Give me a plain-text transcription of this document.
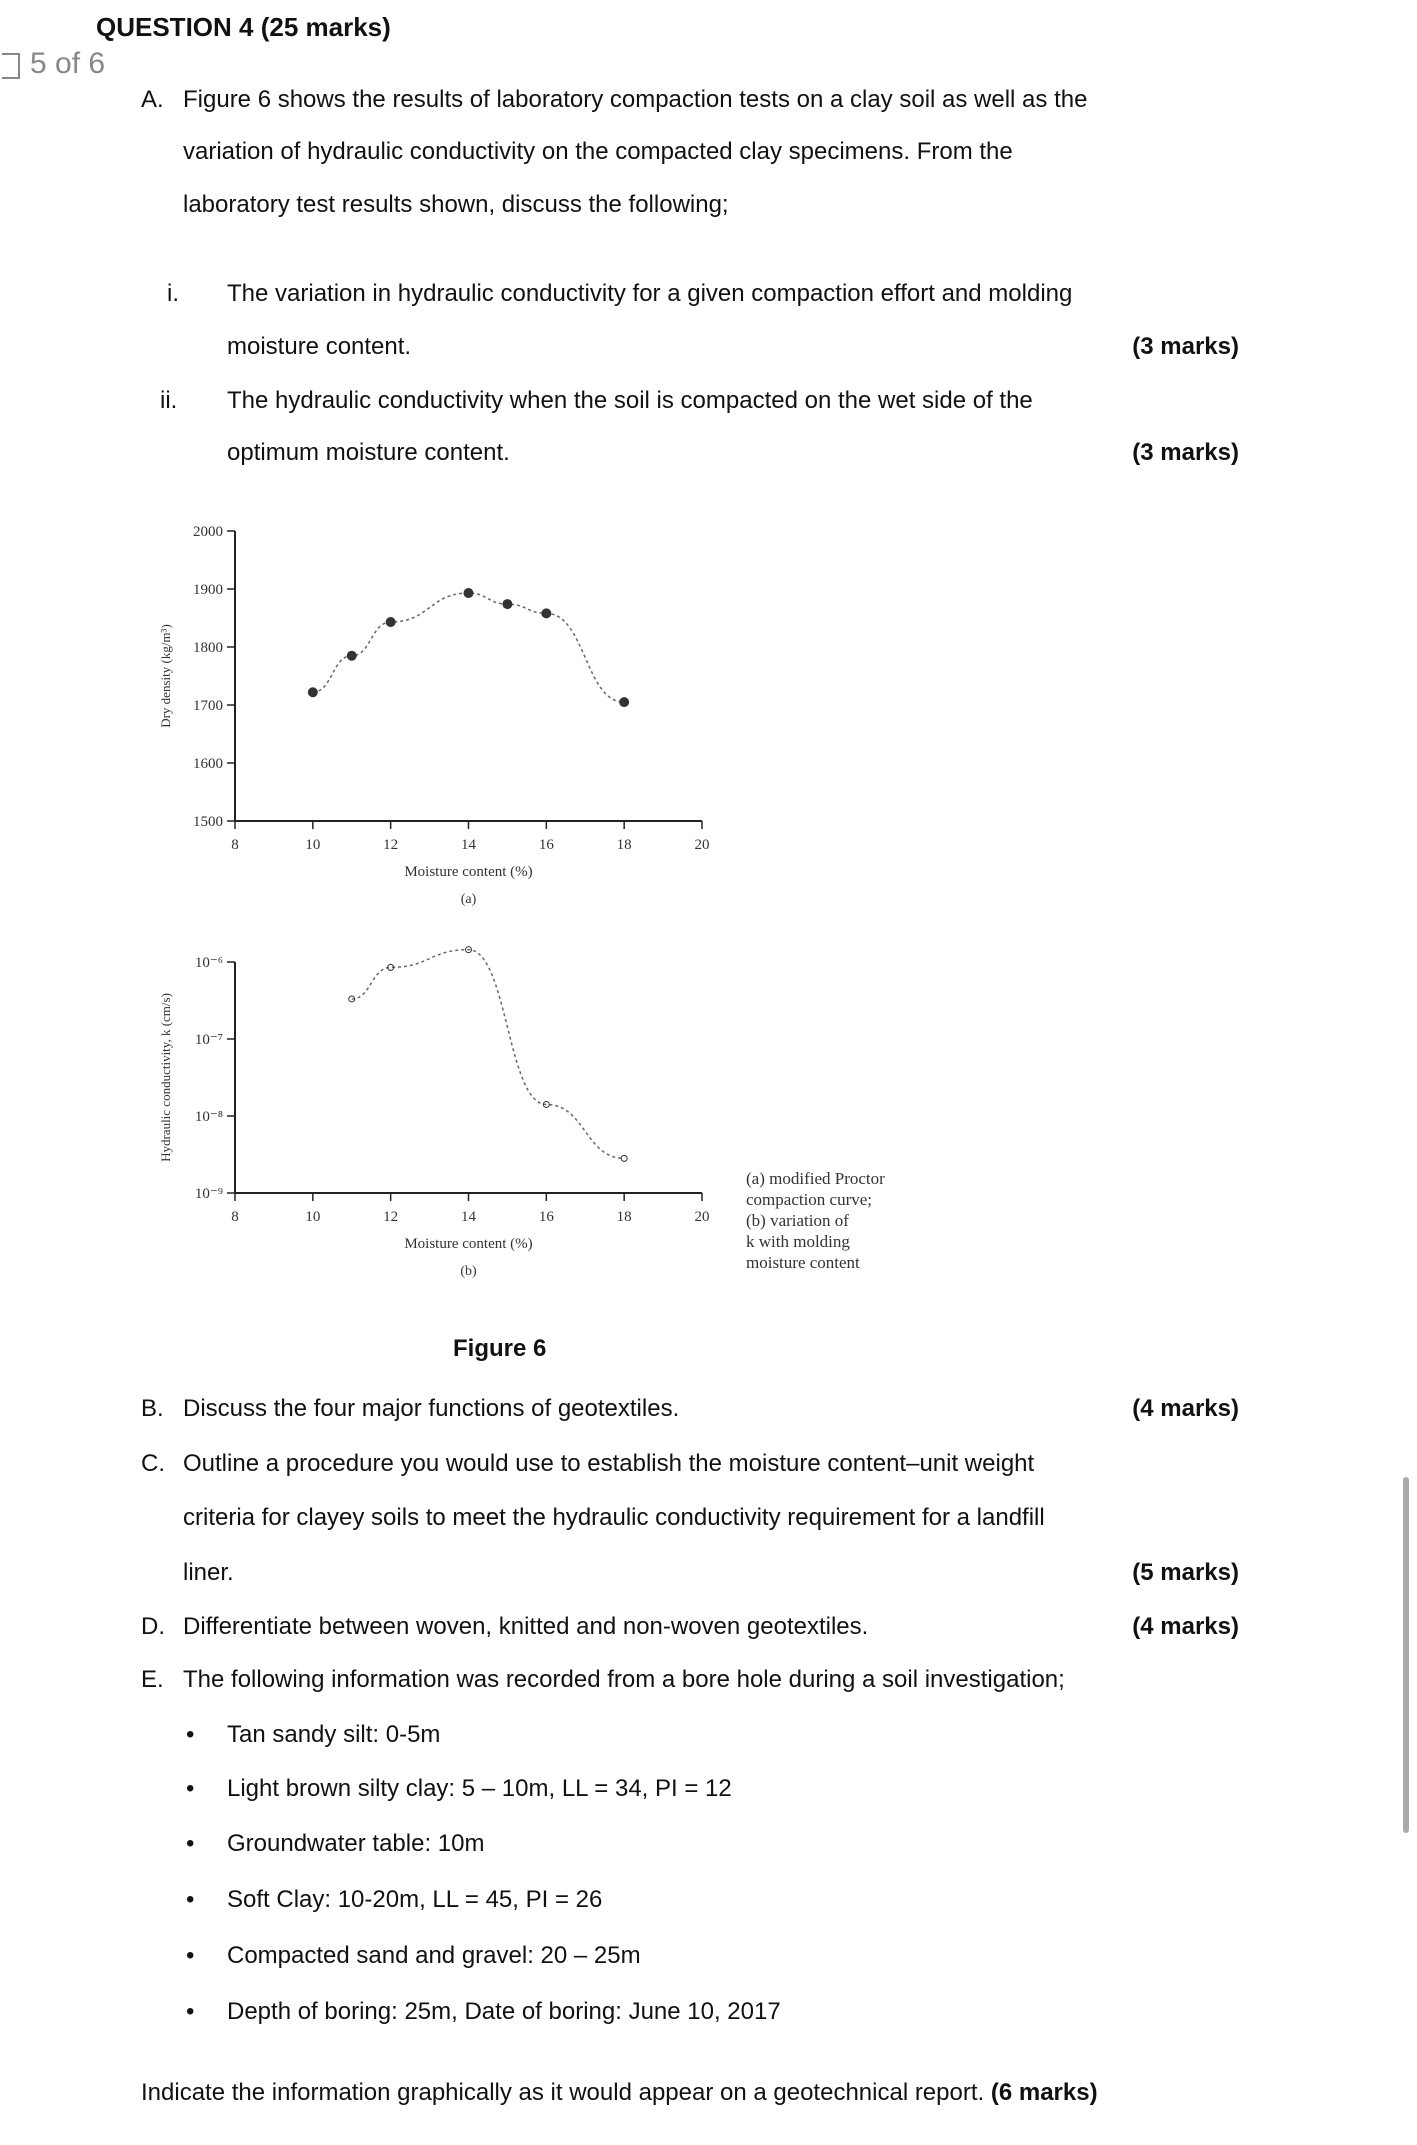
QUESTION 4 (25 marks)
5 of 6
A. Figure 6 shows the results of laboratory compaction tests on a clay soil as well as the
variation of hydraulic conductivity on the compacted clay specimens. From the
laboratory test results shown, discuss the following;
i. The variation in hydraulic conductivity for a given compaction effort and molding
moisture content.	(3 marks)
ii. The hydraulic conductivity when the soil is compacted on the wet side of the
optimum moisture content.	(3 marks)
8	10	12	14	16	18	20
1500
1600
1700
1800
1900
2000
Moisture content (%)
(a)
Dry density (kg/m³)
8	10	12	14	16	18	20
10⁻⁹
10⁻⁸
10⁻⁷
10⁻⁶
Moisture content (%)
(b)
Hydraulic conductivity, k (cm/s)
(a) modified Proctor
compaction curve;
(b) variation of
k with molding
moisture content
Figure 6
B. Discuss the four major functions of geotextiles.	(4 marks)
C. Outline a procedure you would use to establish the moisture content–unit weight
criteria for clayey soils to meet the hydraulic conductivity requirement for a landfill
liner.	(5 marks)
D. Differentiate between woven, knitted and non-woven geotextiles.	(4 marks)
E. The following information was recorded from a bore hole during a soil investigation;
• Tan sandy silt: 0-5m
• Light brown silty clay: 5 – 10m, LL = 34, PI = 12
• Groundwater table: 10m
• Soft Clay: 10-20m, LL = 45, PI = 26
• Compacted sand and gravel: 20 – 25m
• Depth of boring: 25m, Date of boring: June 10, 2017
Indicate the information graphically as it would appear on a geotechnical report. (6 marks)
